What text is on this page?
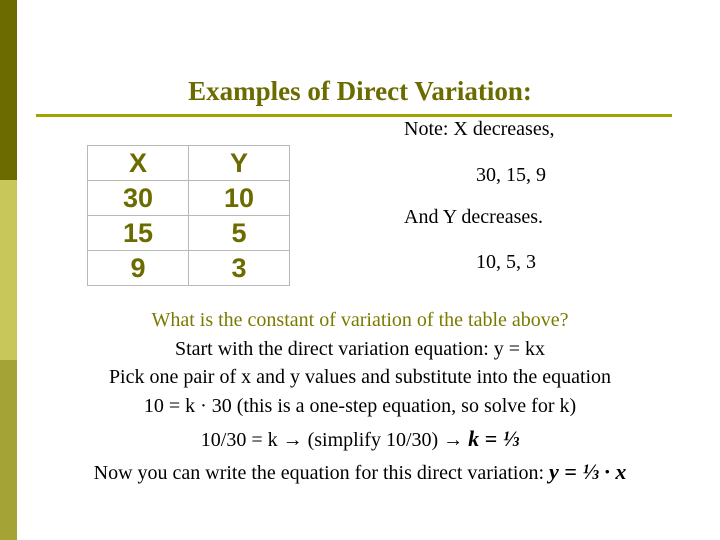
Examples of Direct Variation:
X	Y
30	10
15	5
9	3
Note: X decreases,
30, 15, 9
And Y decreases.
10, 5, 3
What is the constant of variation of the table above?
Start with the direct variation equation: y = kx
Pick one pair of x and y values and substitute into the equation
10 = k · 30 (this is a one-step equation, so solve for k)
10/30 = k → (simplify 10/30) → k = ⅓
Now you can write the equation for this direct variation: y = ⅓ · x
